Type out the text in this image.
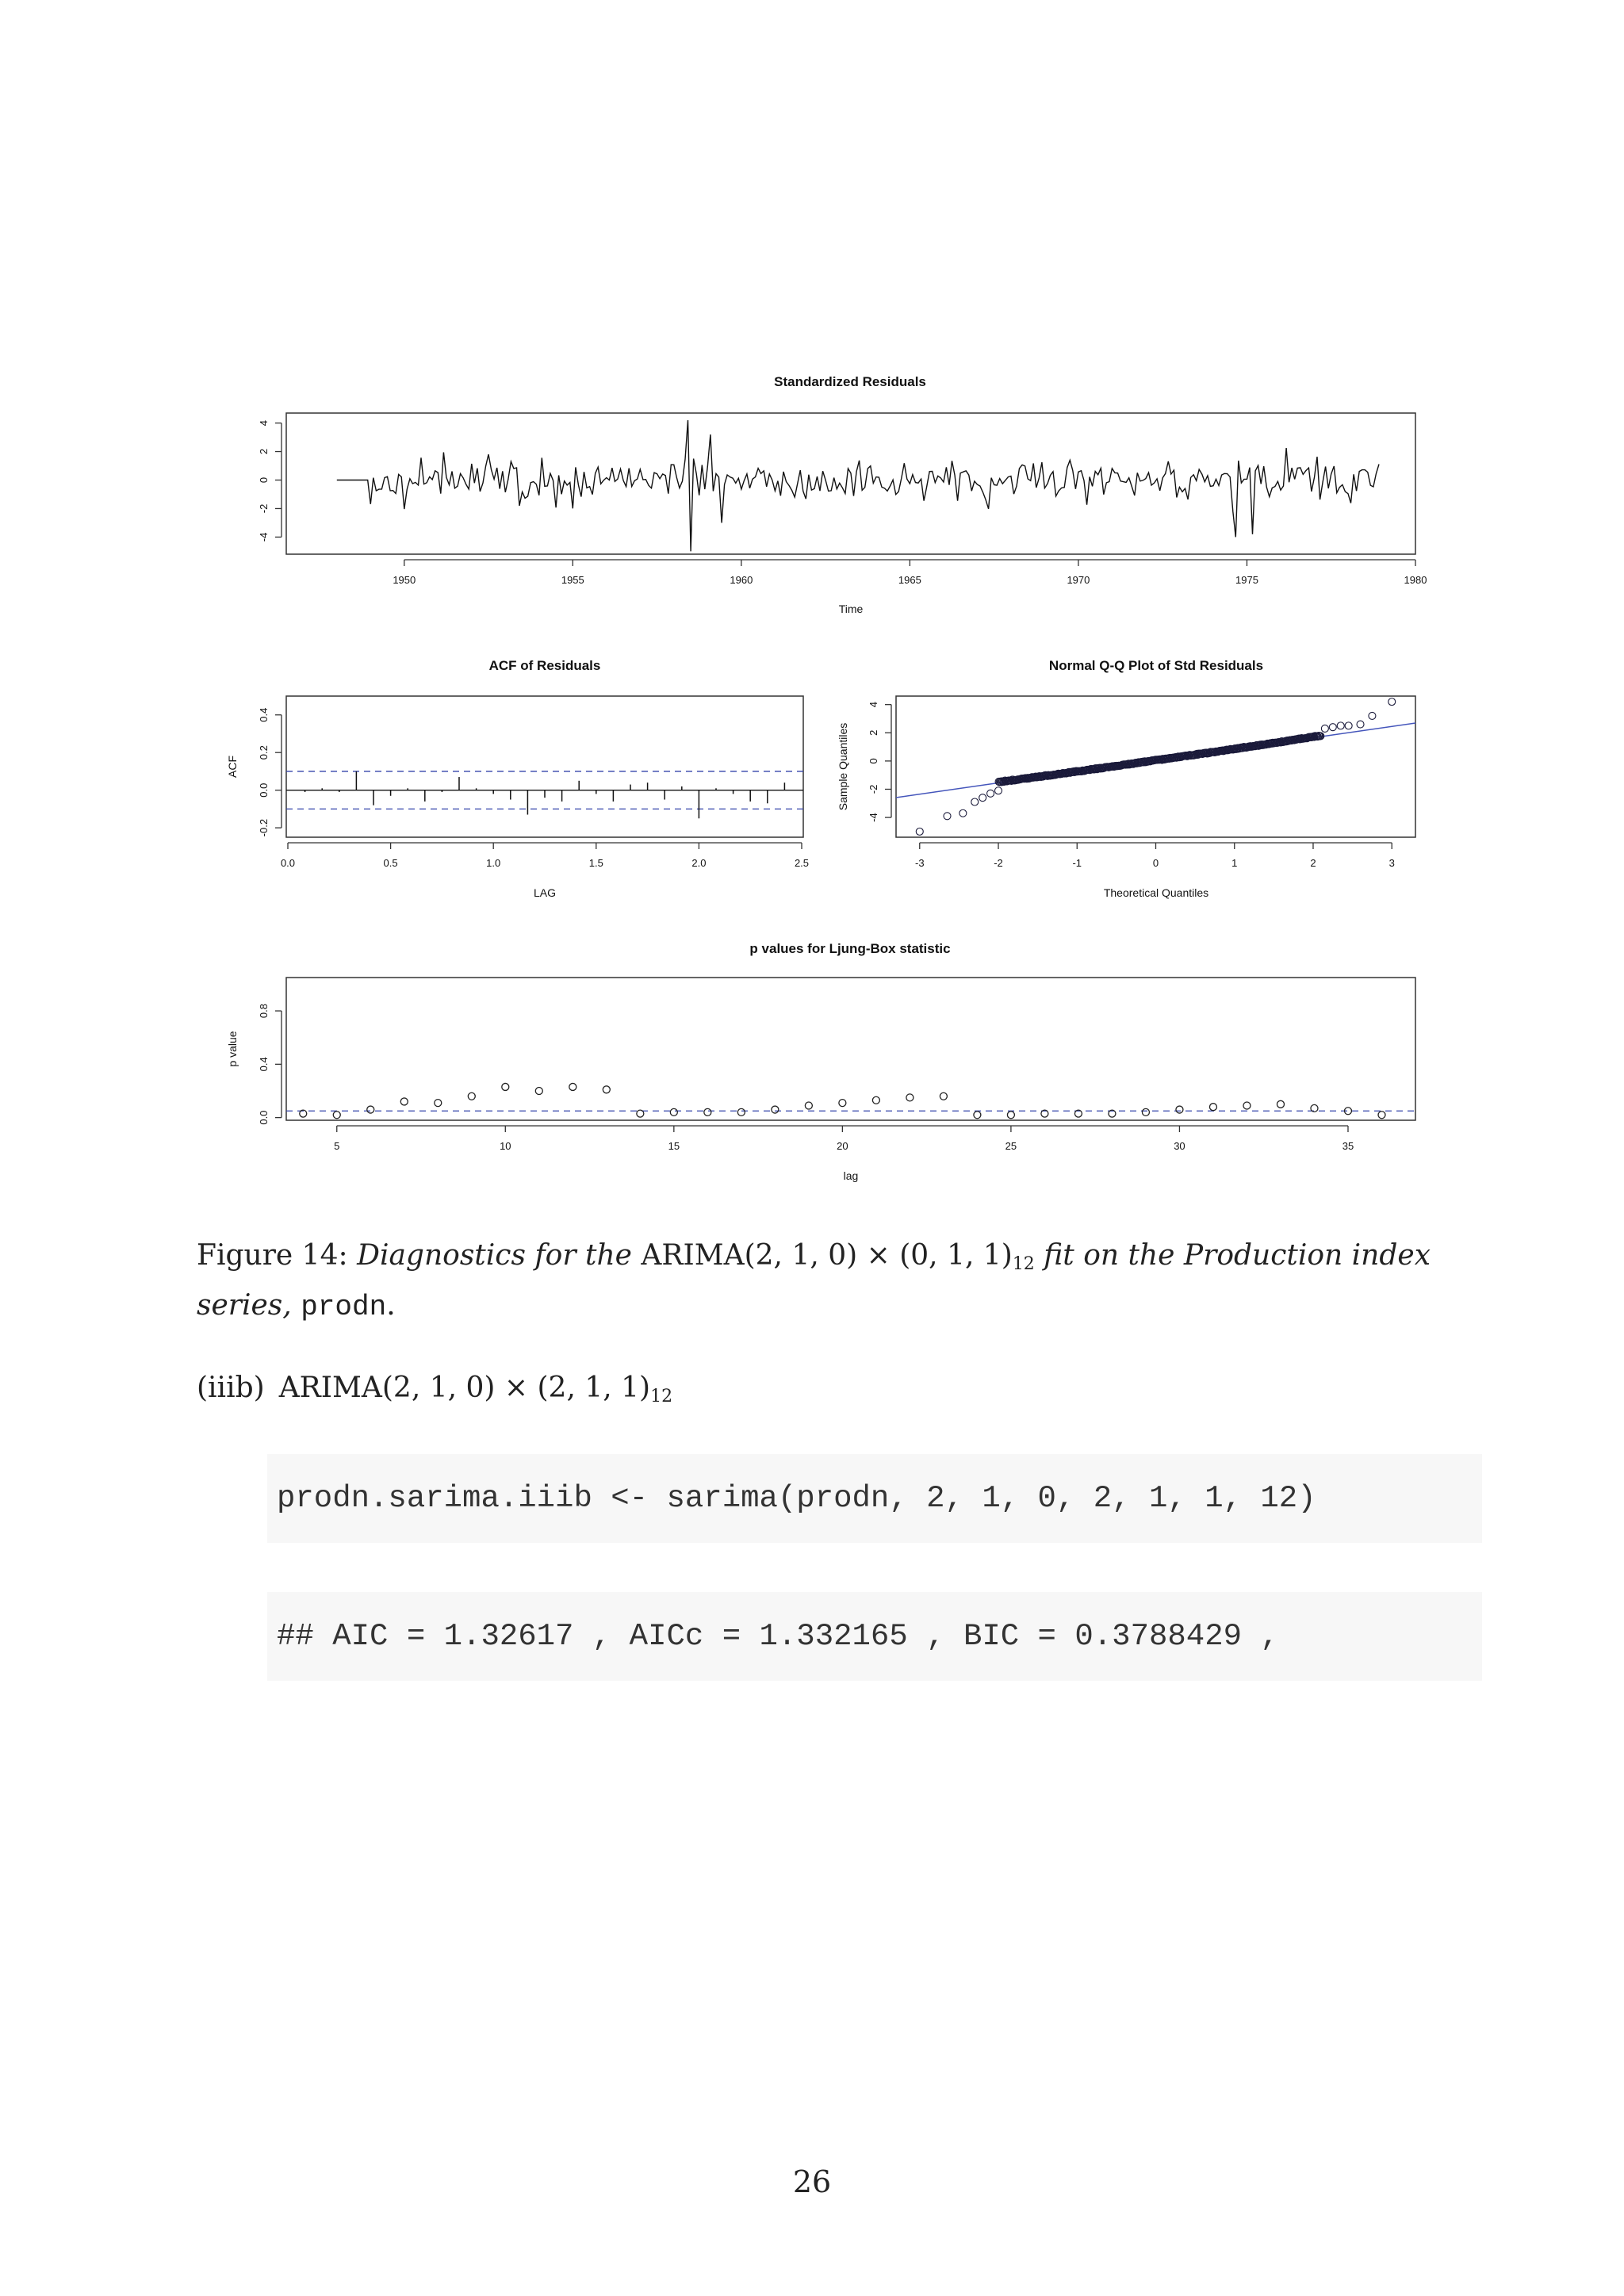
Standardized Residuals
1950	1955	1960	1965	1970	1975	1980
-4
-2
0
2
4
Time
ACF of Residuals
0.0	0.5	1.0	1.5	2.0	2.5
-0.2
0.0
0.2
0.4
LAG
ACF
Normal Q-Q Plot of Std Residuals
-3	-2	-1	0	1	2	3
-4
-2
0
2
4
Theoretical Quantiles
Sample Quantiles
p values for Ljung-Box statistic
5	10	15	20	25	30	35
0.0
0.4
0.8
lag
p value
Figure 14: Diagnostics for the ARIMA(2, 1, 0) × (0, 1, $1)_{12}$ fit on the Production index series, prodn.
(iiib) ARIMA(2, 1, 0) × (2, 1, $1)_{12}$
prodn.sarima.iiib <- sarima(prodn, 2, 1, 0, 2, 1, 1, 12)
## AIC = 1.32617 , AICc = 1.332165 , BIC = 0.3788429 ,
26
